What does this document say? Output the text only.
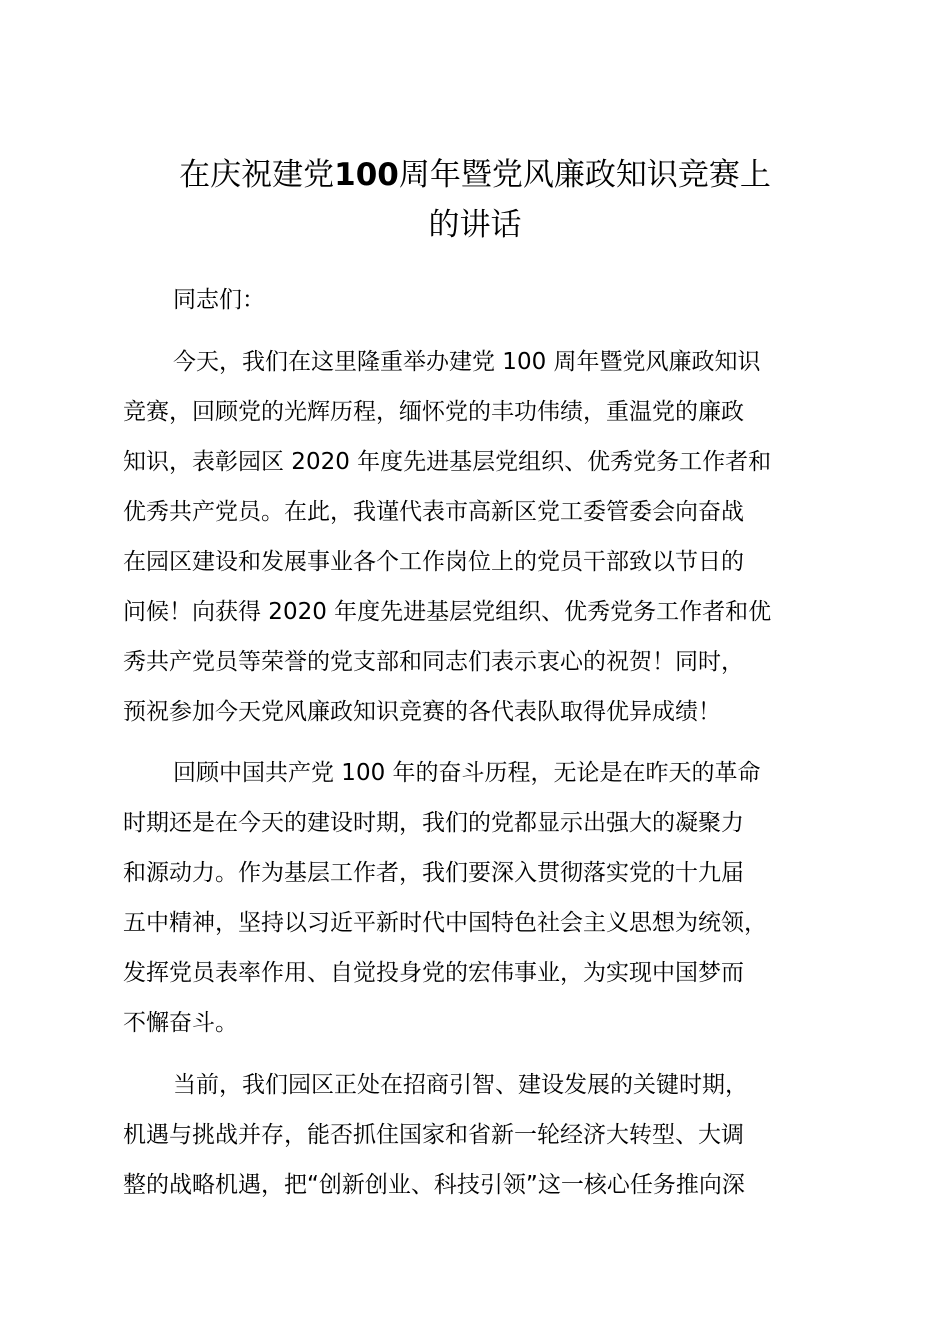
在庆祝建党100周年暨党风廉政知识竞赛上
的讲话
同志们：
今天，我们在这里隆重举办建党 100 周年暨党风廉政知识
竞赛，回顾党的光辉历程，缅怀党的丰功伟绩，重温党的廉政
知识，表彰园区 2020 年度先进基层党组织、优秀党务工作者和
优秀共产党员。在此，我谨代表市高新区党工委管委会向奋战
在园区建设和发展事业各个工作岗位上的党员干部致以节日的
问候！向获得 2020 年度先进基层党组织、优秀党务工作者和优
秀共产党员等荣誉的党支部和同志们表示衷心的祝贺！同时，
预祝参加今天党风廉政知识竞赛的各代表队取得优异成绩！
回顾中国共产党 100 年的奋斗历程，无论是在昨天的革命
时期还是在今天的建设时期，我们的党都显示出强大的凝聚力
和源动力。作为基层工作者，我们要深入贯彻落实党的十九届
五中精神，坚持以习近平新时代中国特色社会主义思想为统领，
发挥党员表率作用、自觉投身党的宏伟事业，为实现中国梦而
不懈奋斗。
当前，我们园区正处在招商引智、建设发展的关键时期，
机遇与挑战并存，能否抓住国家和省新一轮经济大转型、大调
整的战略机遇，把“创新创业、科技引领”这一核心任务推向深
